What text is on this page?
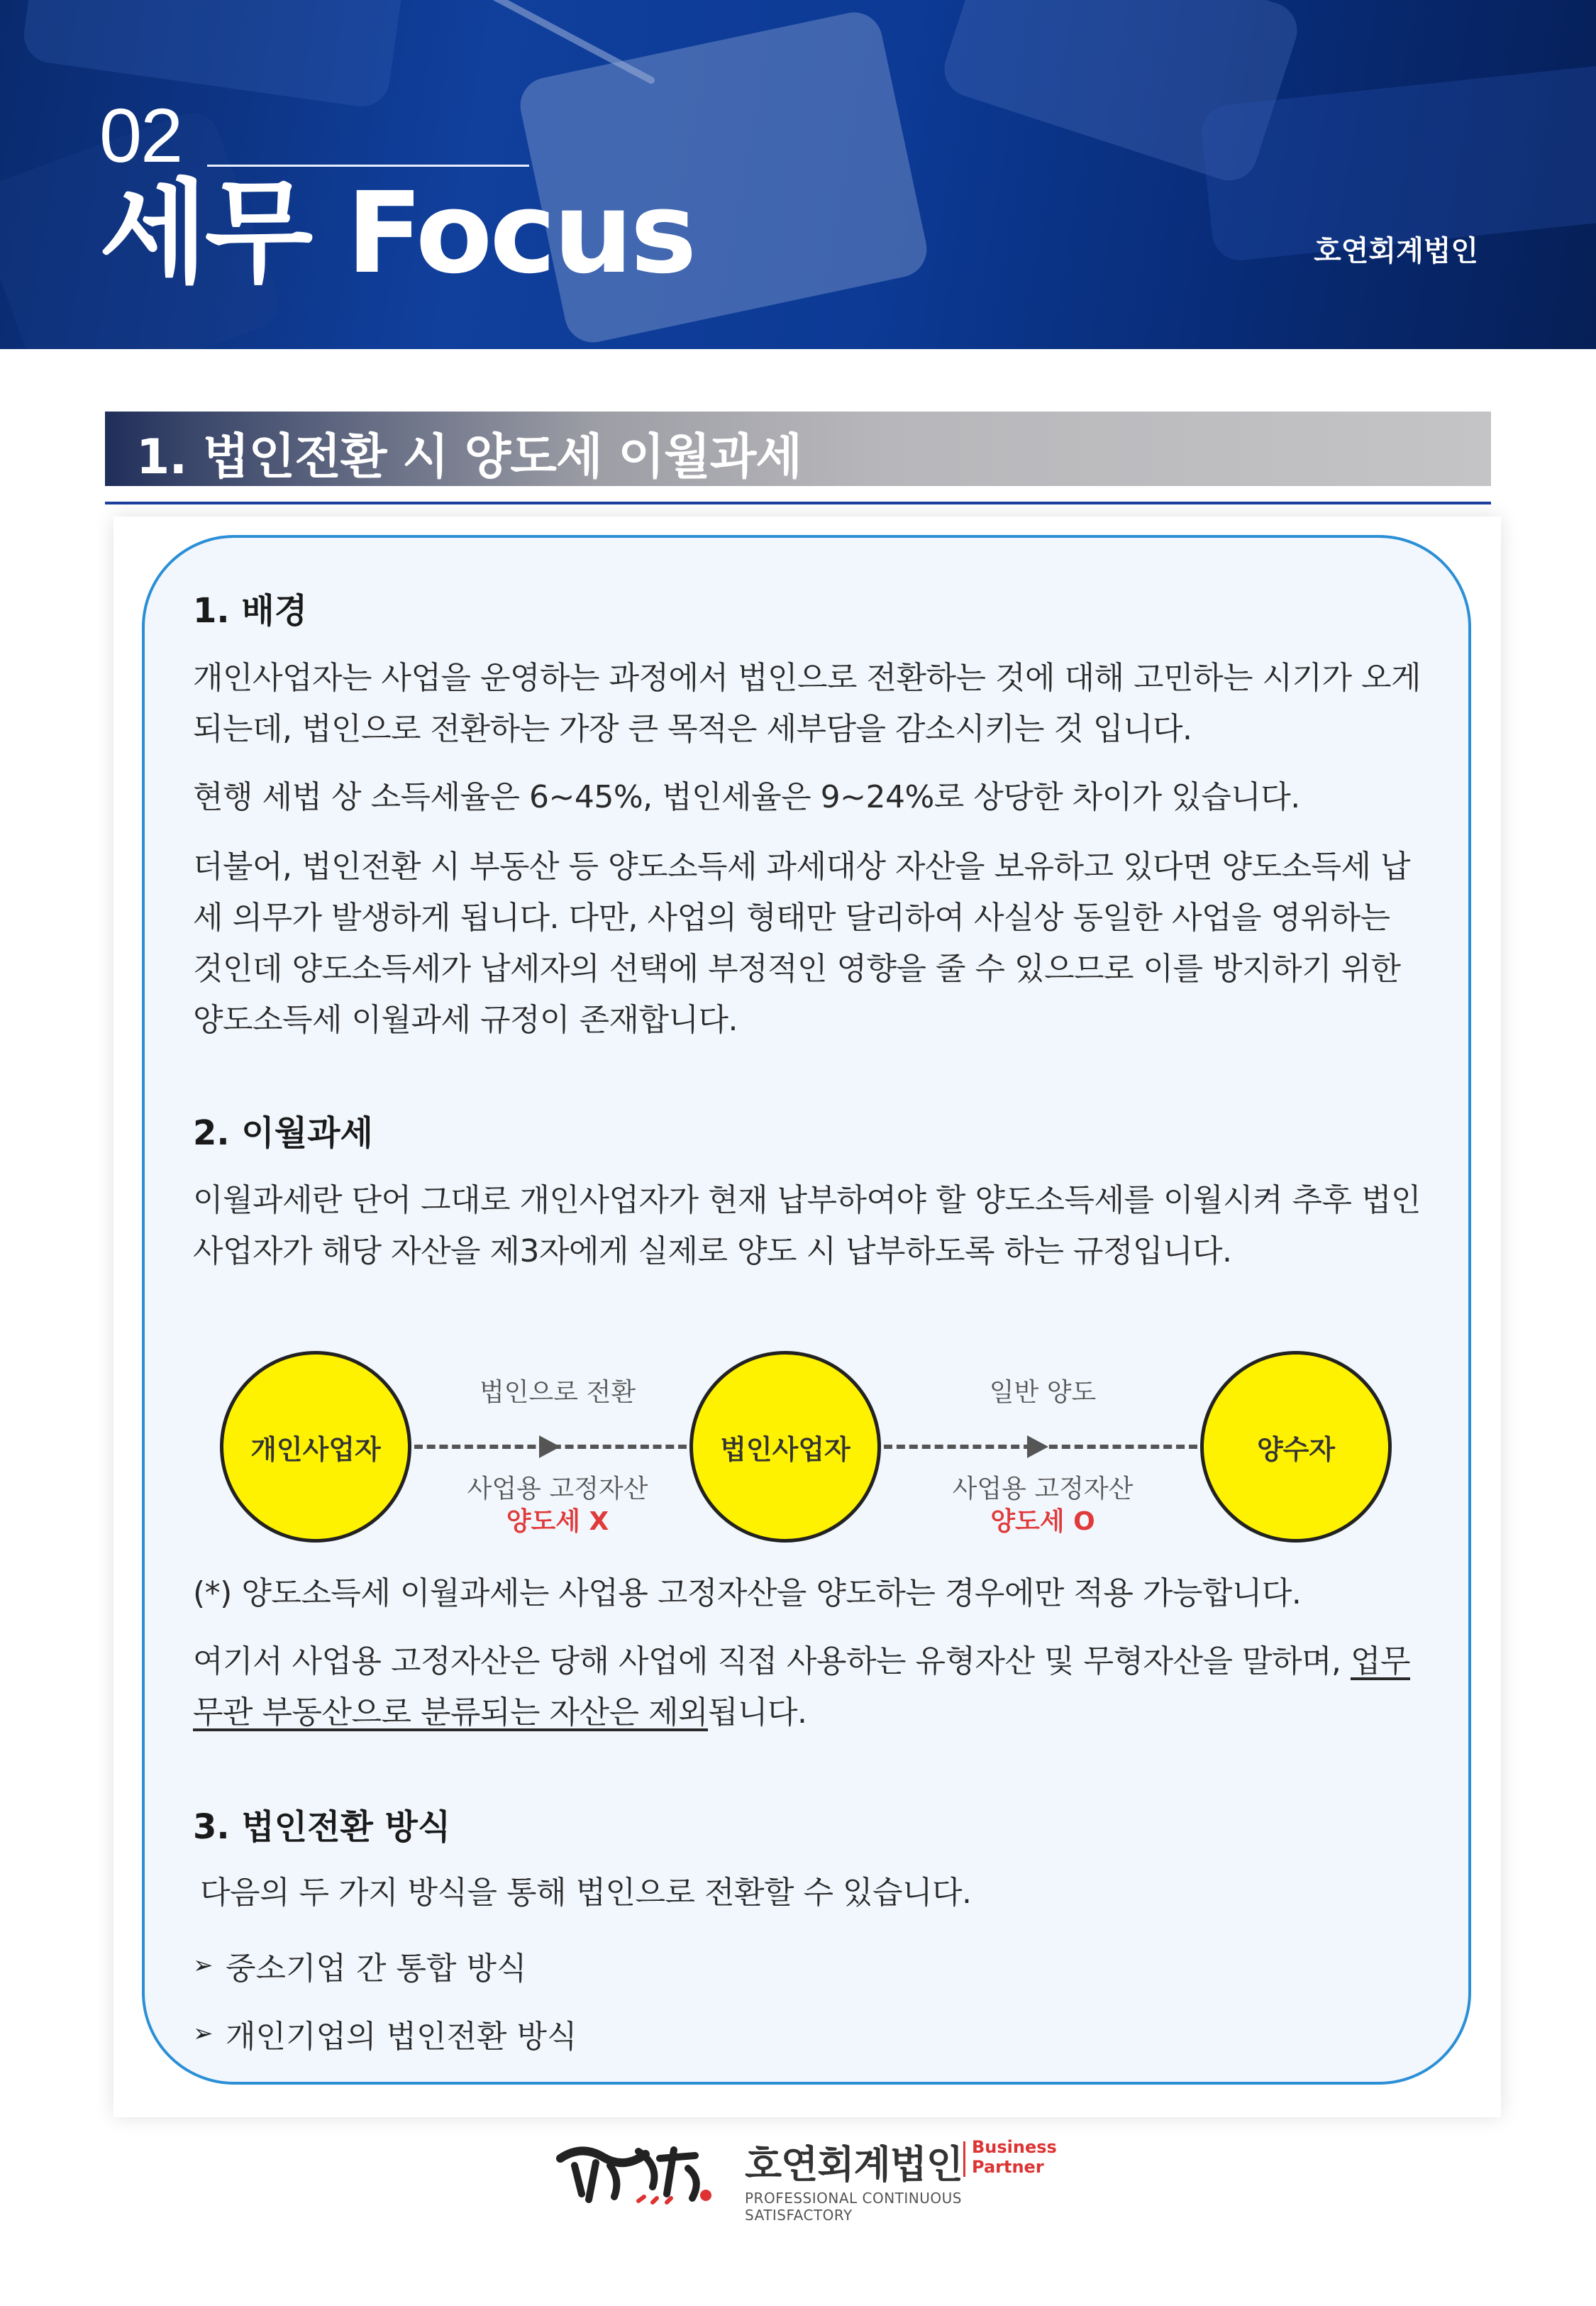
02
세무 Focus	호연회계법인
1. 법인전환 시 양도세 이월과세
1. 배경
개인사업자는 사업을 운영하는 과정에서 법인으로 전환하는 것에 대해 고민하는 시기가 오게 되는데, 법인으로 전환하는 가장 큰 목적은 세부담을 감소시키는 것 입니다.
현행 세법 상 소득세율은 6~45%, 법인세율은 9~24%로 상당한 차이가 있습니다.
더불어, 법인전환 시 부동산 등 양도소득세 과세대상 자산을 보유하고 있다면 양도소득세 납세 의무가 발생하게 됩니다. 다만, 사업의 형태만 달리하여 사실상 동일한 사업을 영위하는 것인데 양도소득세가 납세자의 선택에 부정적인 영향을 줄 수 있으므로 이를 방지하기 위한 양도소득세 이월과세 규정이 존재합니다.
2. 이월과세
이월과세란 단어 그대로 개인사업자가 현재 납부하여야 할 양도소득세를 이월시켜 추후 법인사업자가 해당 자산을 제3자에게 실제로 양도 시 납부하도록 하는 규정입니다.
개인사업자	법인사업자	양수자
법인으로 전환
사업용 고정자산
양도세 X
일반 양도
사업용 고정자산
양도세 O
(*) 양도소득세 이월과세는 사업용 고정자산을 양도하는 경우에만 적용 가능합니다.
여기서 사업용 고정자산은 당해 사업에 직접 사용하는 유형자산 및 무형자산을 말하며, 업무무관 부동산으로 분류되는 자산은 제외됩니다.
3. 법인전환 방식
다음의 두 가지 방식을 통해 법인으로 전환할 수 있습니다.
➢ 중소기업 간 통합 방식
➢ 개인기업의 법인전환 방식
호연회계법인 Business
Partner
PROFESSIONAL CONTINUOUS SATISFACTORY
